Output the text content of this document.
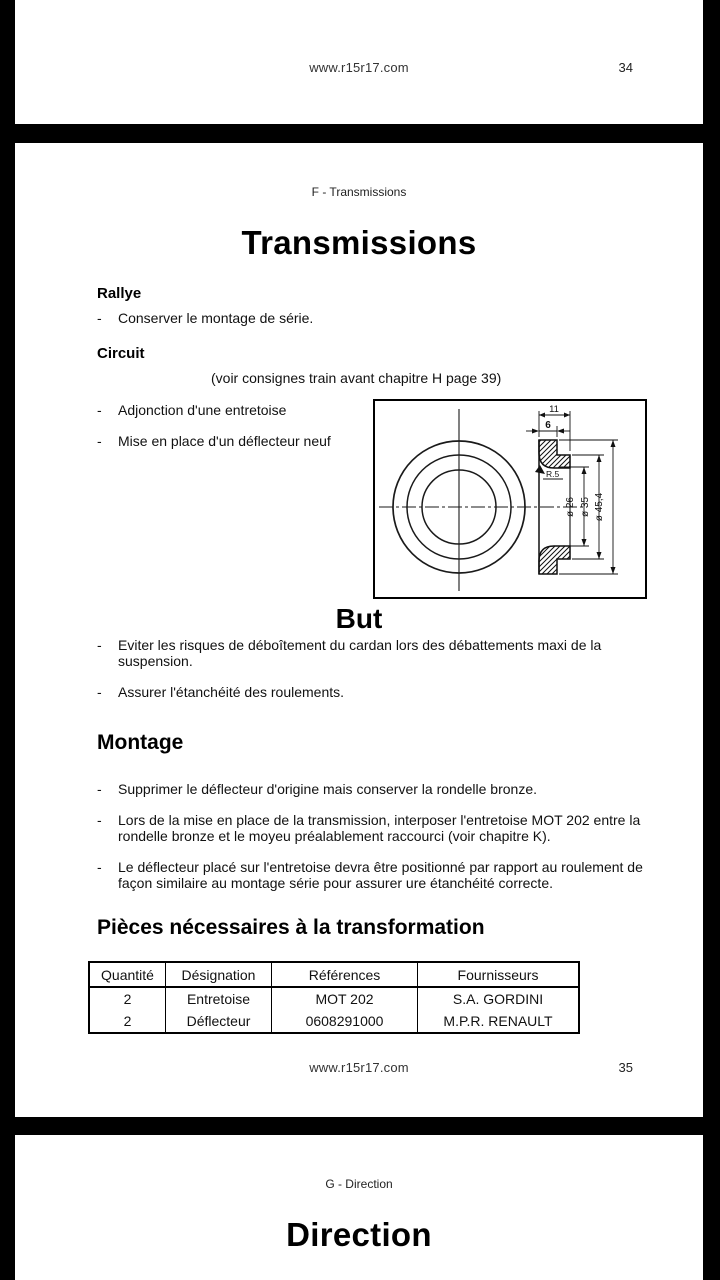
www.r15r17.com	34
F - Transmissions
Transmissions
Rallye
-	Conserver le montage de série.
Circuit
(voir consignes train avant chapitre H page 39)
-	Adjonction d'une entretoise
-	Mise en place d'un déflecteur neuf
11
6
R.5
ø 26 ø 35 ø 45,4
But
-	Eviter les risques de déboîtement du cardan lors des débattements maxi de la suspension.
-	Assurer l'étanchéité des roulements.
Montage
-	Supprimer le déflecteur d'origine mais conserver la rondelle bronze.
-	Lors de la mise en place de la transmission, interposer l'entretoise MOT 202 entre la rondelle bronze et le moyeu préalablement raccourci (voir chapitre K).
-	Le déflecteur placé sur l'entretoise devra être positionné par rapport au roulement de façon similaire au montage série pour assurer ure étanchéité correcte.
Pièces nécessaires à la transformation
Quantité	Désignation	Références	Fournisseurs
2	Entretoise	MOT 202	S.A. GORDINI
2	Déflecteur	0608291000	M.P.R. RENAULT
www.r15r17.com	35
G - Direction
Direction
